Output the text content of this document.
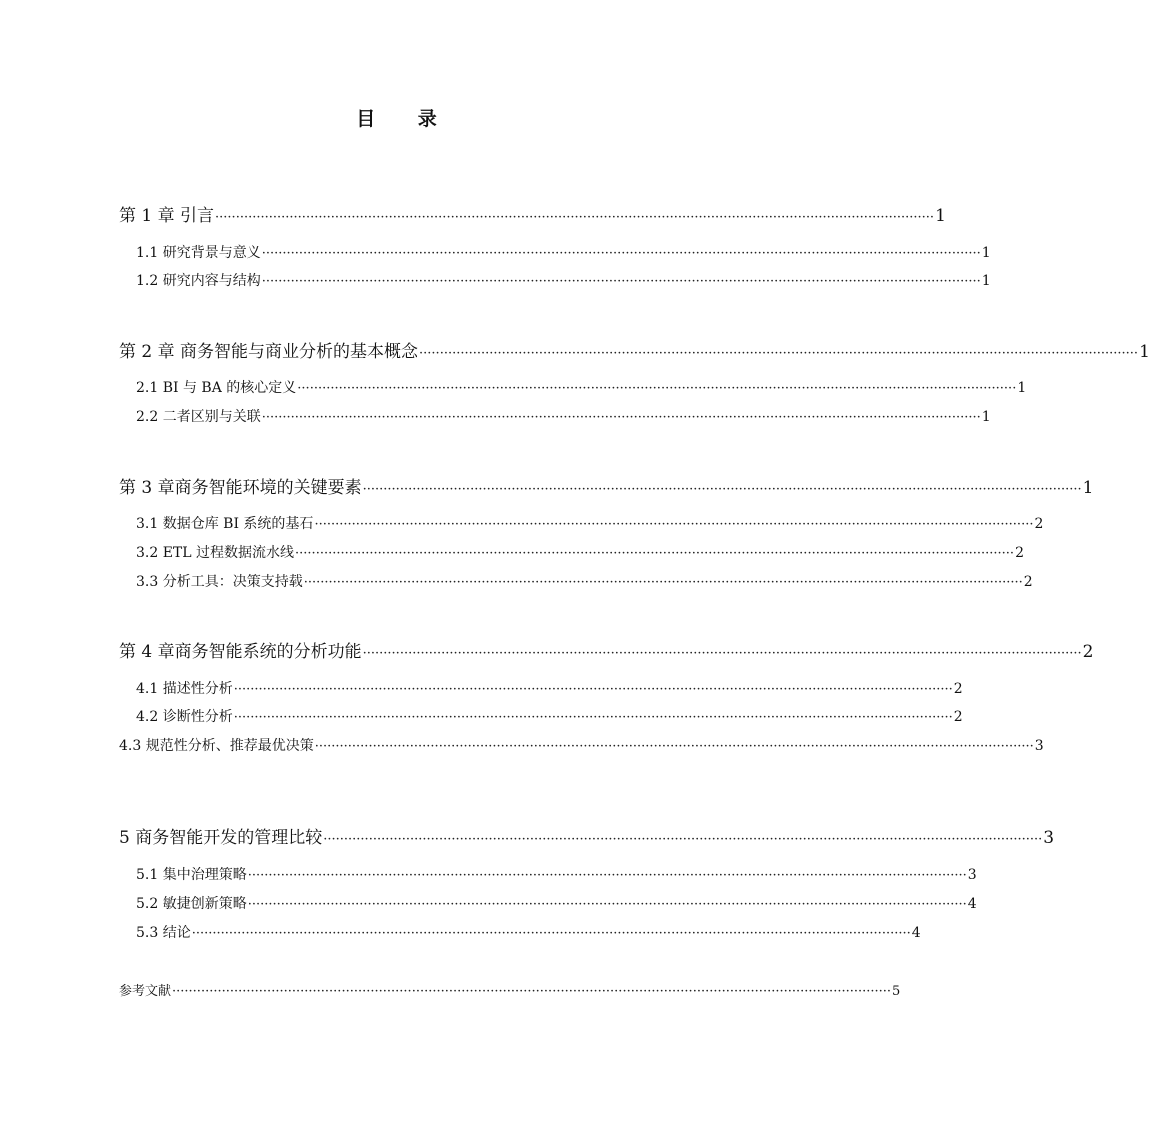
目 录
第 1 章 引言 ·············································································································································································· 1
1.1 研究背景与意义 ·············································································································································································· 1
1.2 研究内容与结构 ·············································································································································································· 1
第 2 章 商务智能与商业分析的基本概念 ·············································································································································································· 1
2.1 BI 与 BA 的核心定义 ·············································································································································································· 1
2.2 二者区别与关联 ·············································································································································································· 1
第 3 章商务智能环境的关键要素 ·············································································································································································· 1
3.1 数据仓库 BI 系统的基石 ·············································································································································································· 2
3.2 ETL 过程数据流水线 ·············································································································································································· 2
3.3 分析工具：决策支持载 ·············································································································································································· 2
第 4 章商务智能系统的分析功能 ·············································································································································································· 2
4.1 描述性分析 ·············································································································································································· 2
4.2 诊断性分析 ·············································································································································································· 2
4.3 规范性分析、推荐最优决策 ·············································································································································································· 3
5 商务智能开发的管理比较 ·············································································································································································· 3
5.1 集中治理策略 ·············································································································································································· 3
5.2 敏捷创新策略 ·············································································································································································· 4
5.3 结论 ·············································································································································································· 4
参考文献 ·············································································································································································· 5
